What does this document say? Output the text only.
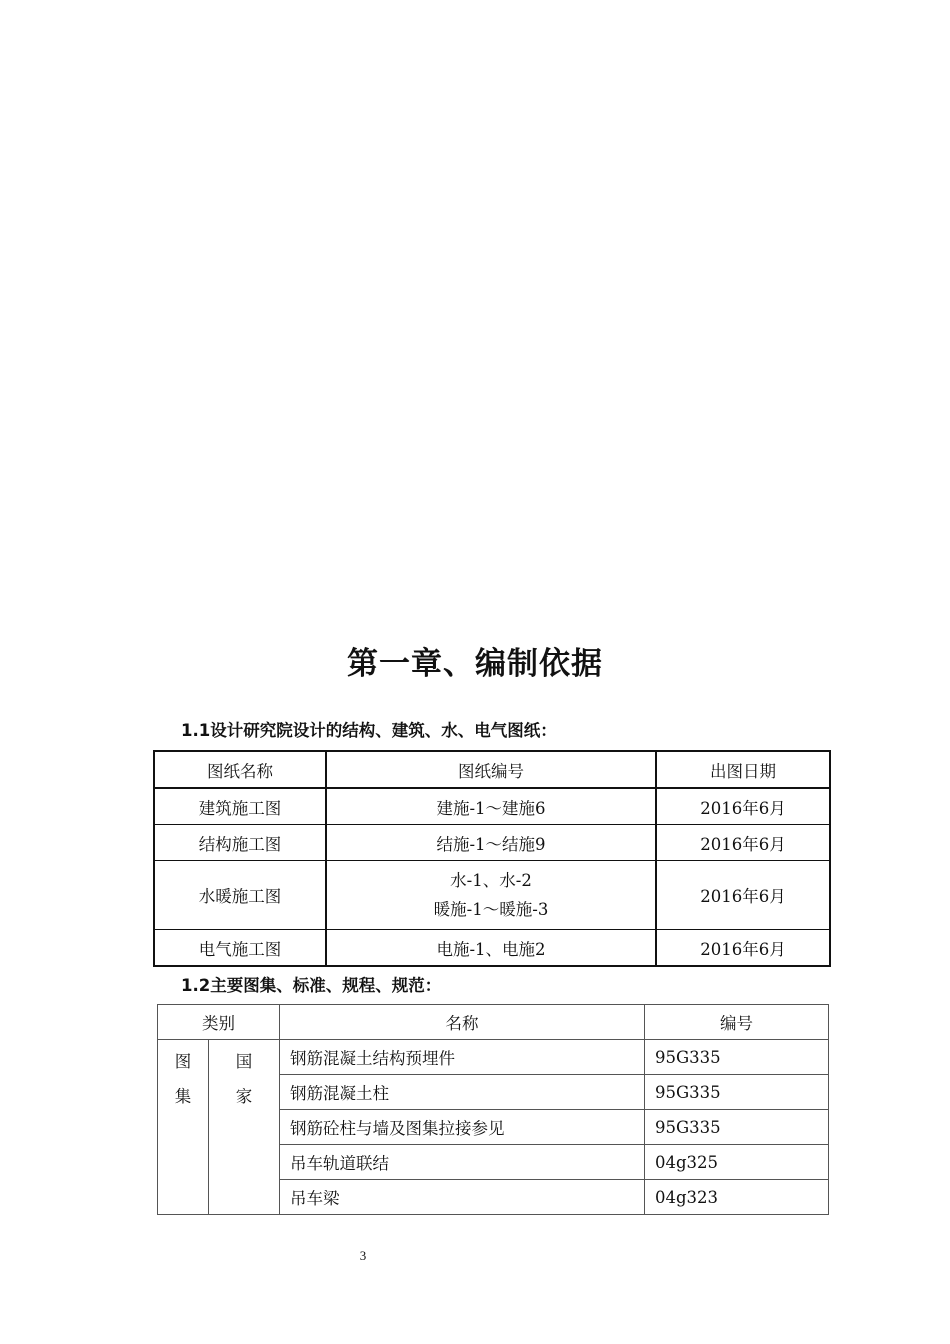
第一章、编制依据

1.1设计研究院设计的结构、建筑、水、电气图纸：

图纸名称	图纸编号	出图日期
建筑施工图	建施-1～建施6	2016年6月
结构施工图	结施-1～结施9	2016年6月
水暖施工图	水-1、水-2
暖施-1～暖施-3	2016年6月
电气施工图	电施-1、电施2	2016年6月

1.2主要图集、标准、规程、规范：

类别		名称	编号

图集	国家	钢筋混凝土结构预埋件	95G335
		钢筋混凝土柱	95G335
		钢筋砼柱与墙及图集拉接参见	95G335
		吊车轨道联结	04g325
		吊车梁	04g323
3
